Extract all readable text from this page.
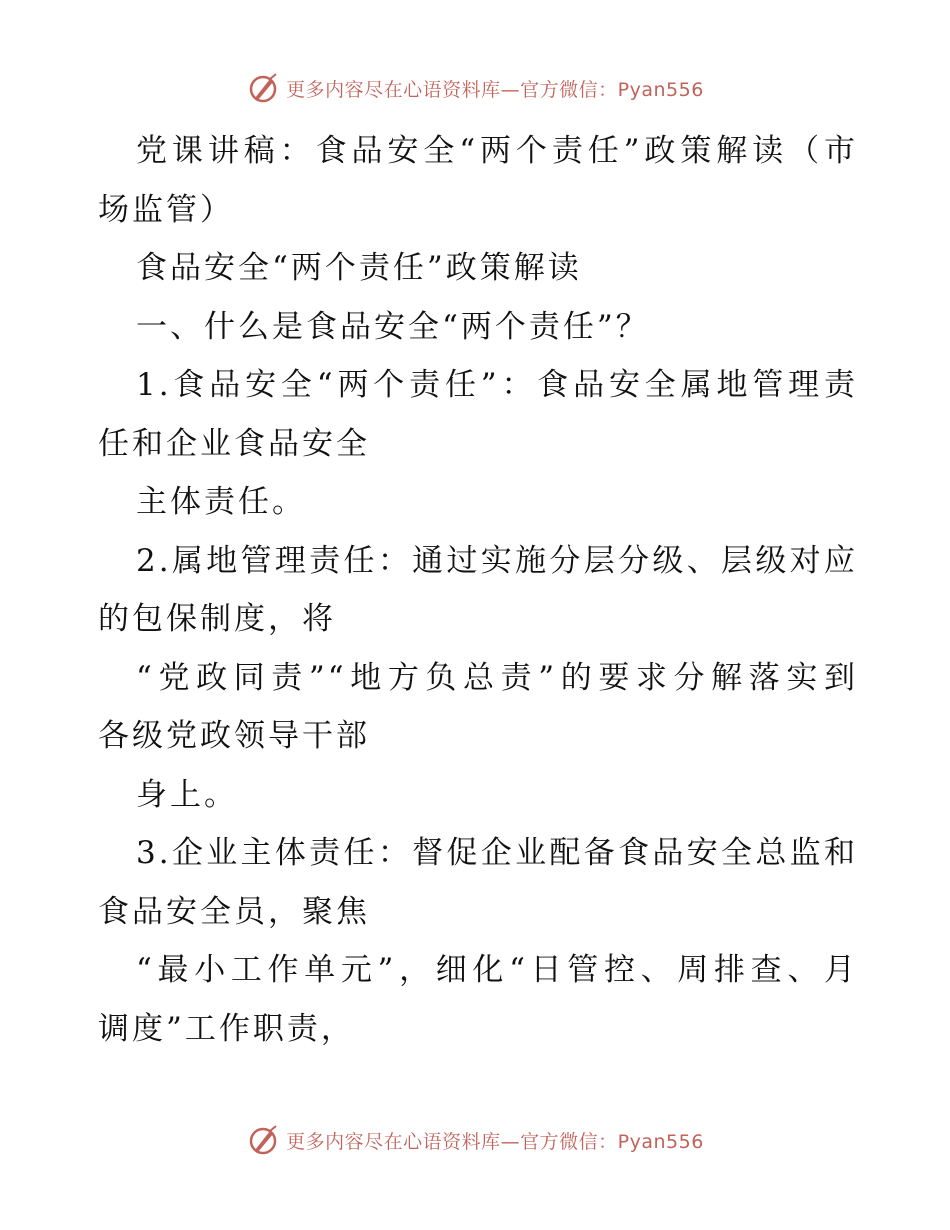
更多内容尽在心语资料库—官方微信：Pyan556
党课讲稿：食品安全“两个责任”政策解读（市
场监管）
食品安全“两个责任”政策解读
一、什么是食品安全“两个责任”？
1.食品安全“两个责任”：食品安全属地管理责
任和企业食品安全
主体责任。
2.属地管理责任：通过实施分层分级、层级对应
的包保制度，将
“党政同责”“地方负总责”的要求分解落实到
各级党政领导干部
身上。
3.企业主体责任：督促企业配备食品安全总监和
食品安全员，聚焦
“最小工作单元”，细化“日管控、周排查、月
调度”工作职责，
更多内容尽在心语资料库—官方微信：Pyan556
